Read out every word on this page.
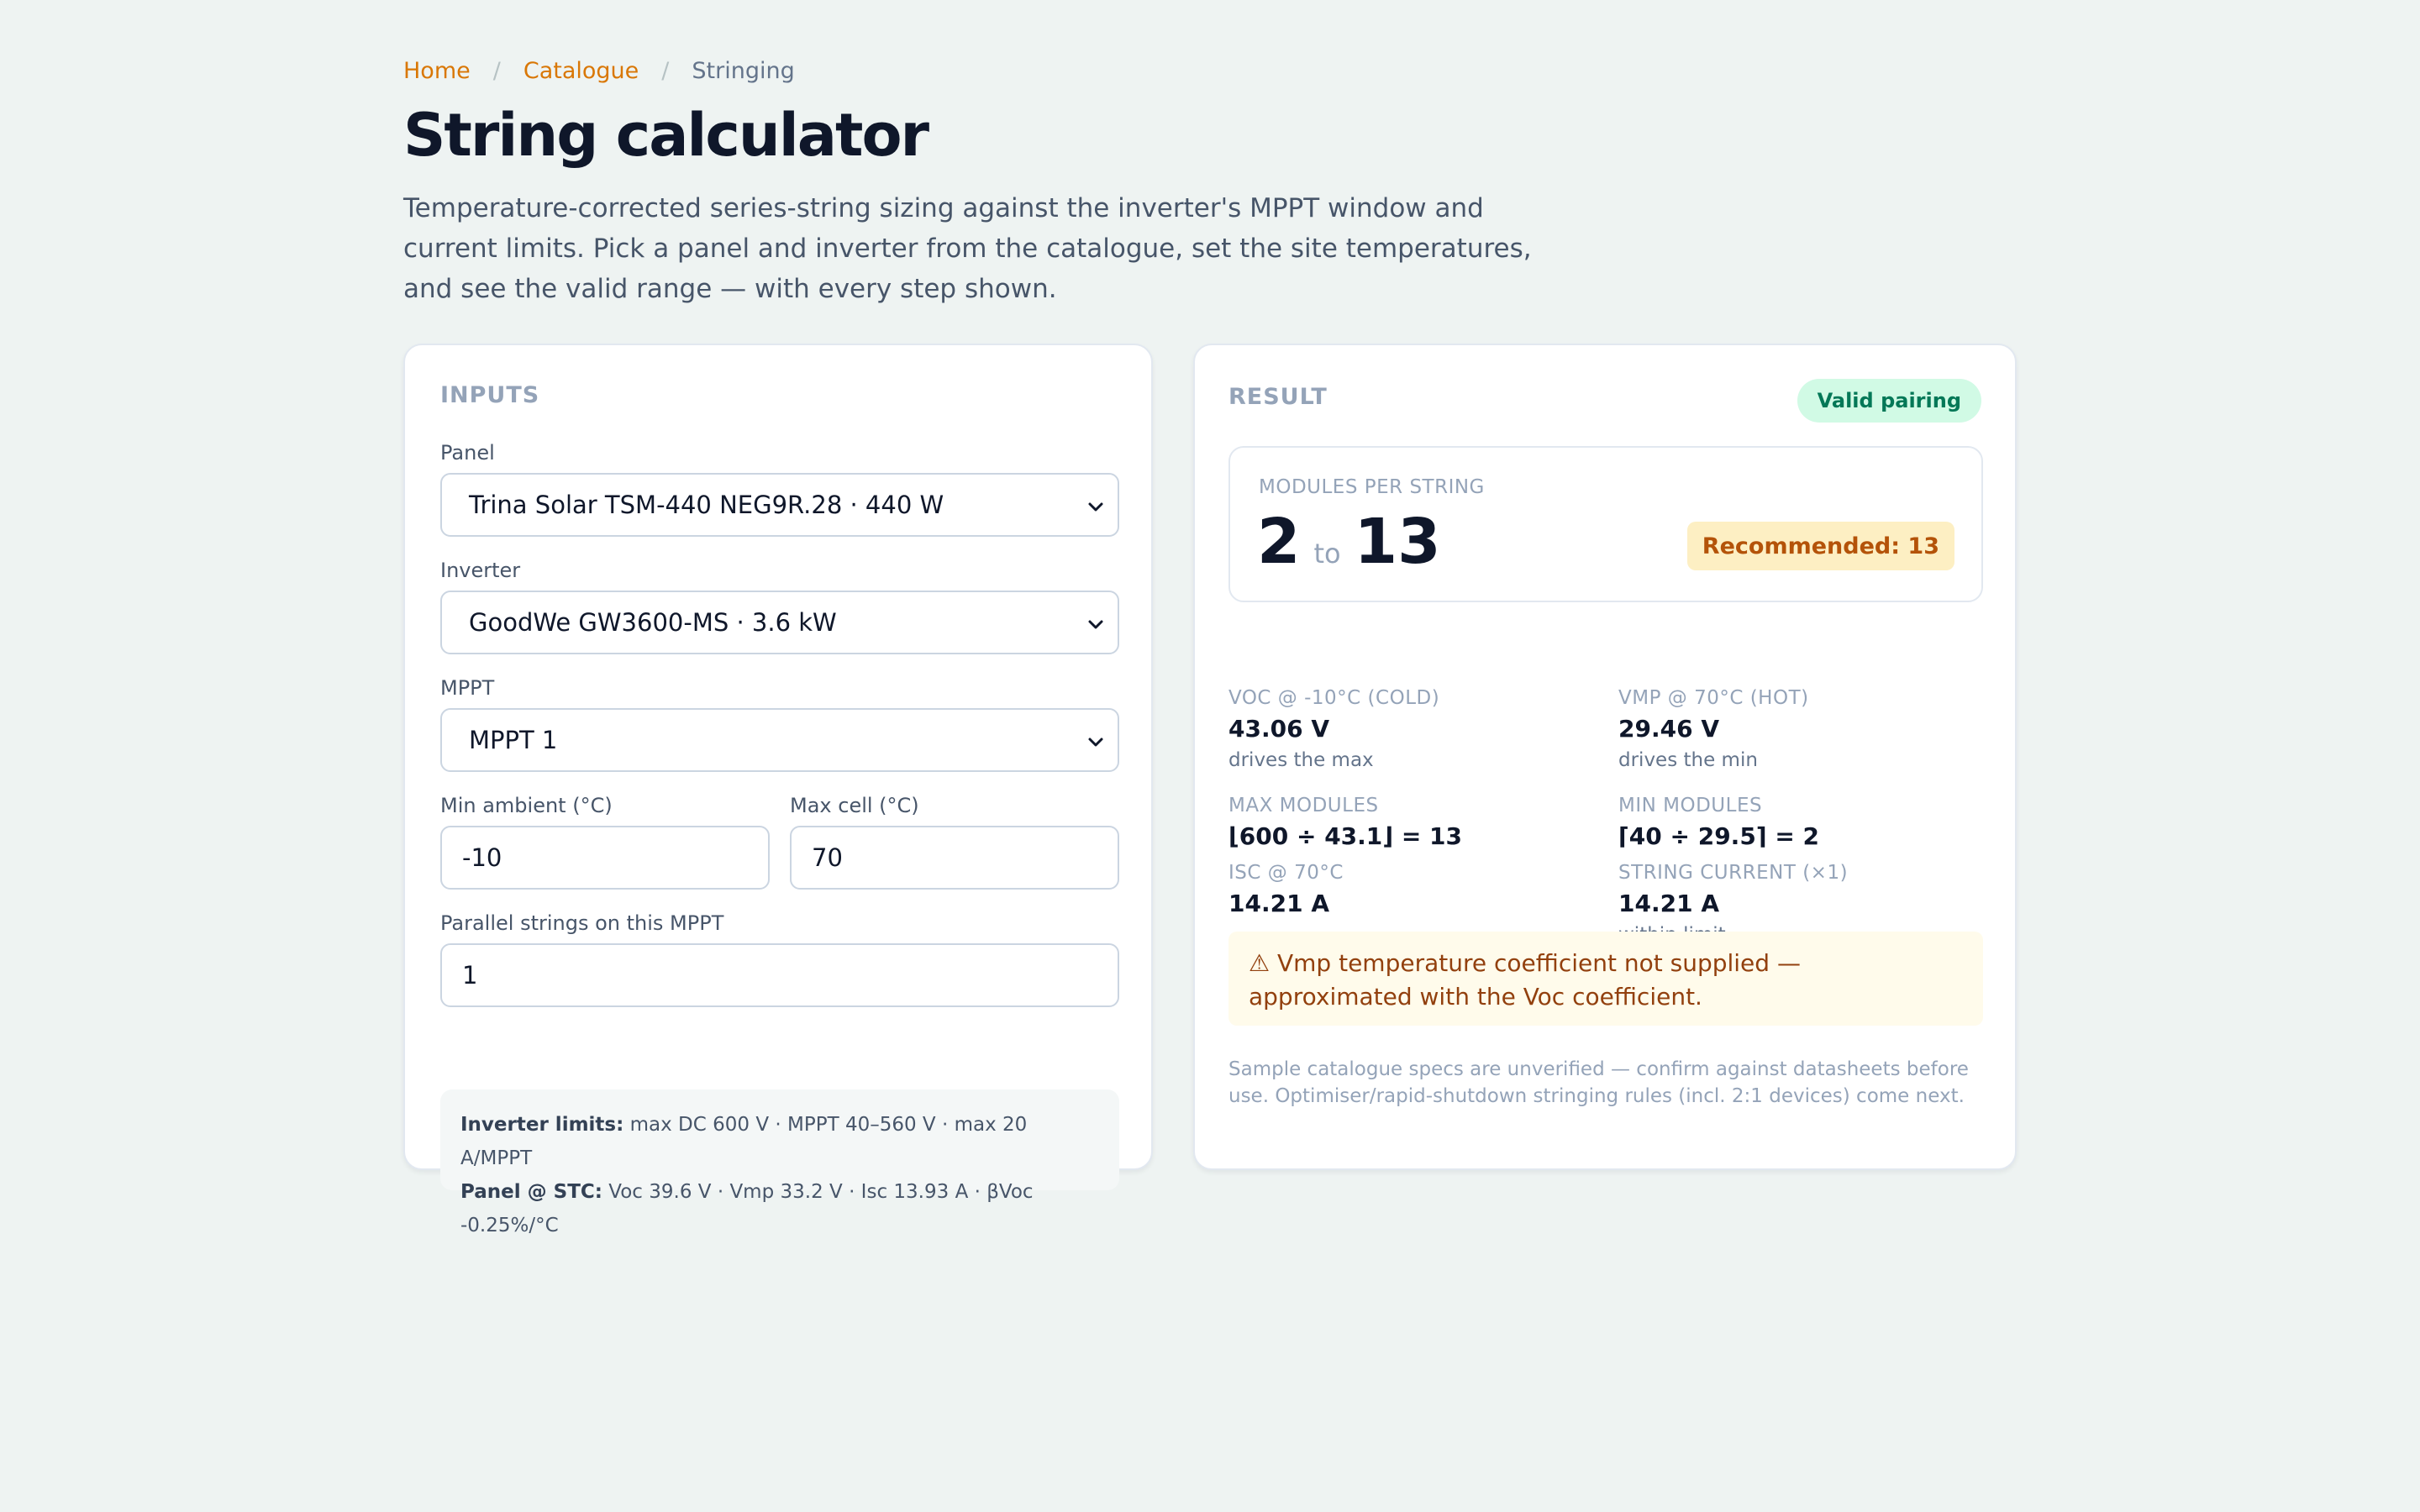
Home / Catalogue / Stringing
String calculator

Temperature-corrected series-string sizing against the inverter's MPPT window and current limits. Pick a panel and inverter from the catalogue, set the site temperatures, and see the valid range — with every step shown.

INPUTS
Panel
Trina Solar TSM-440 NEG9R.28 · 440 W
Inverter
GoodWe GW3600-MS · 3.6 kW
MPPT
MPPT 1
Min ambient (°C)
-10
Max cell (°C)
70
Parallel strings on this MPPT
1
Inverter limits: max DC 600 V · MPPT 40–560 V · max 20 A/MPPT
Panel @ STC: Voc 39.6 V · Vmp 33.2 V · Isc 13.93 A · βVoc -0.25%/°C
RESULT	Valid pairing
MODULES PER STRING
2 to 13	Recommended: 13
VOC @ -10°C (COLD)
43.06 V
drives the max
VMP @ 70°C (HOT)
29.46 V
drives the min
MAX MODULES
⌊600 ÷ 43.1⌋ = 13
MIN MODULES
⌈40 ÷ 29.5⌉ = 2
ISC @ 70°C
14.21 A
STRING CURRENT (×1)
14.21 A
⚠ Vmp temperature coefficient not supplied — approximated with the Voc coefficient.
Sample catalogue specs are unverified — confirm against datasheets before use. Optimiser/rapid-shutdown stringing rules (incl. 2:1 devices) come next.
